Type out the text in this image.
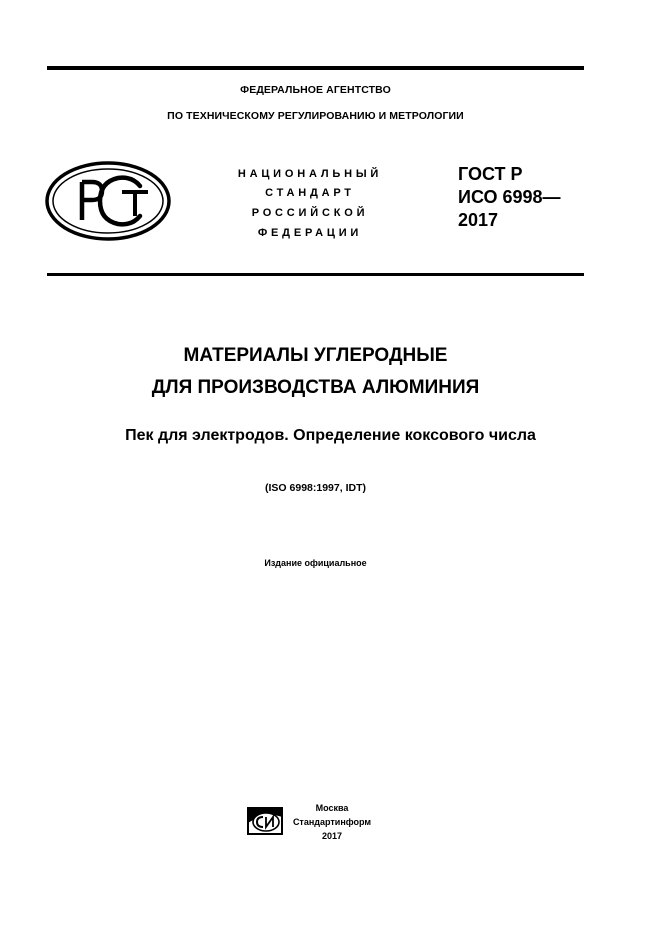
ФЕДЕРАЛЬНОЕ АГЕНТСТВО
ПО ТЕХНИЧЕСКОМУ РЕГУЛИРОВАНИЮ И МЕТРОЛОГИИ
НАЦИОНАЛЬНЫЙ
СТАНДАРТ
РОССИЙСКОЙ
ФЕДЕРАЦИИ
ГОСТ Р
ИСО 6998—
2017
МАТЕРИАЛЫ УГЛЕРОДНЫЕ
ДЛЯ ПРОИЗВОДСТВА АЛЮМИНИЯ
Пек для электродов. Определение коксового числа
(ISO 6998:1997, IDT)
Издание официальное
Москва
Стандартинформ
2017
